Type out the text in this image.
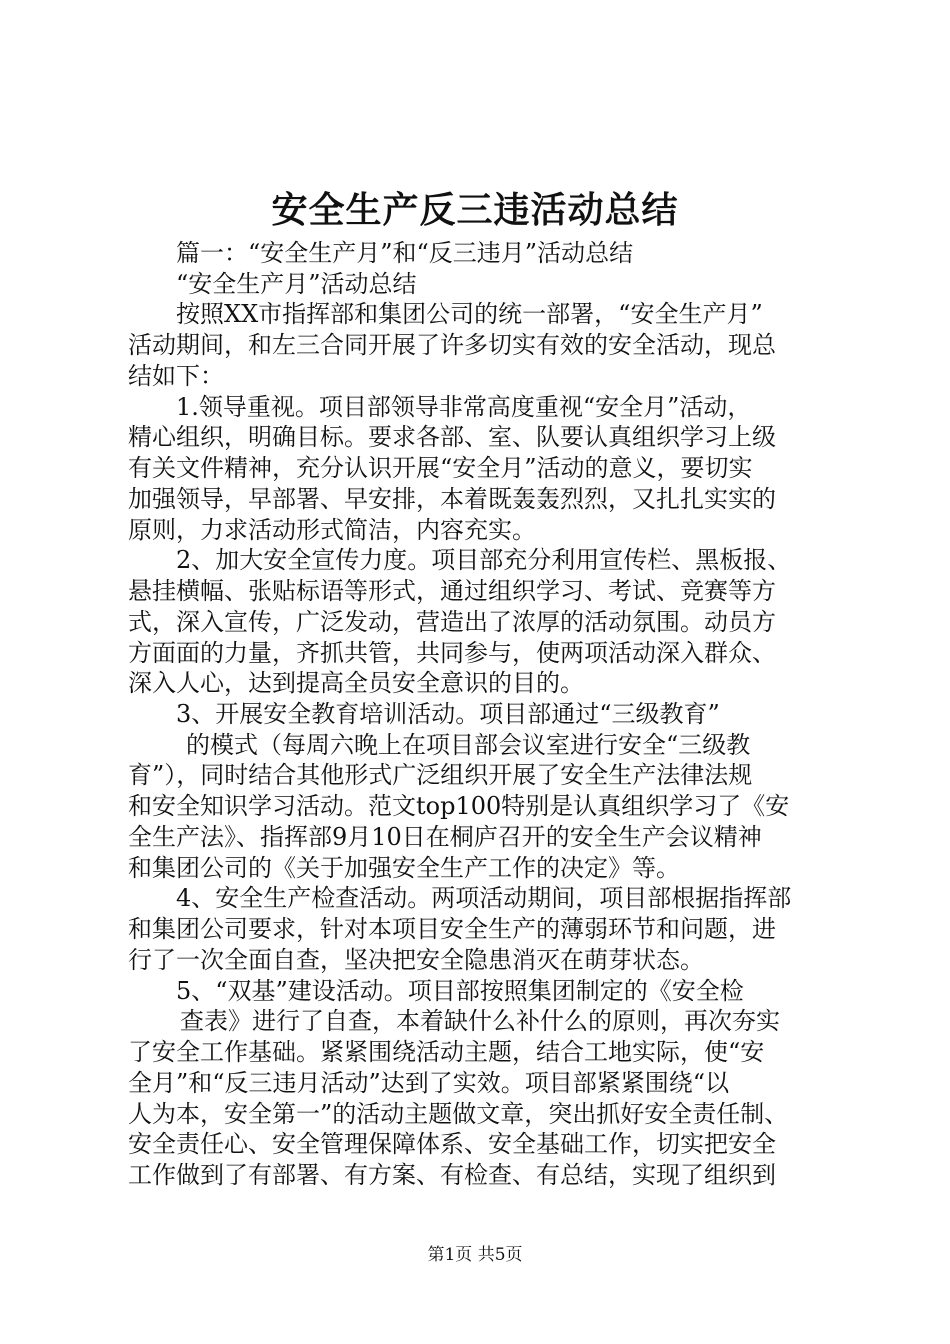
安全生产反三违活动总结
篇一：“安全生产月”和“反三违月”活动总结
“安全生产月”活动总结
按照XX市指挥部和集团公司的统一部署，“安全生产月”
活动期间，和左三合同开展了许多切实有效的安全活动，现总
结如下：
1.领导重视。项目部领导非常高度重视“安全月”活动，
精心组织，明确目标。要求各部、室、队要认真组织学习上级
有关文件精神，充分认识开展“安全月”活动的意义，要切实
加强领导，早部署、早安排，本着既轰轰烈烈，又扎扎实实的
原则，力求活动形式简洁，内容充实。
2、加大安全宣传力度。项目部充分利用宣传栏、黑板报、
悬挂横幅、张贴标语等形式，通过组织学习、考试、竞赛等方
式，深入宣传，广泛发动，营造出了浓厚的活动氛围。动员方
方面面的力量，齐抓共管，共同参与，使两项活动深入群众、
深入人心，达到提高全员安全意识的目的。
3、开展安全教育培训活动。项目部通过“三级教育”
的模式（每周六晚上在项目部会议室进行安全“三级教
育”），同时结合其他形式广泛组织开展了安全生产法律法规
和安全知识学习活动。范文top100特别是认真组织学习了《安
全生产法》、指挥部9月10日在桐庐召开的安全生产会议精神
和集团公司的《关于加强安全生产工作的决定》等。
4、安全生产检查活动。两项活动期间，项目部根据指挥部
和集团公司要求，针对本项目安全生产的薄弱环节和问题，进
行了一次全面自查，坚决把安全隐患消灭在萌芽状态。
5、“双基”建设活动。项目部按照集团制定的《安全检
查表》进行了自查，本着缺什么补什么的原则，再次夯实
了安全工作基础。紧紧围绕活动主题，结合工地实际，使“安
全月”和“反三违月活动”达到了实效。项目部紧紧围绕“以
人为本，安全第一”的活动主题做文章，突出抓好安全责任制、
安全责任心、安全管理保障体系、安全基础工作，切实把安全
工作做到了有部署、有方案、有检查、有总结，实现了组织到
第1页 共5页
